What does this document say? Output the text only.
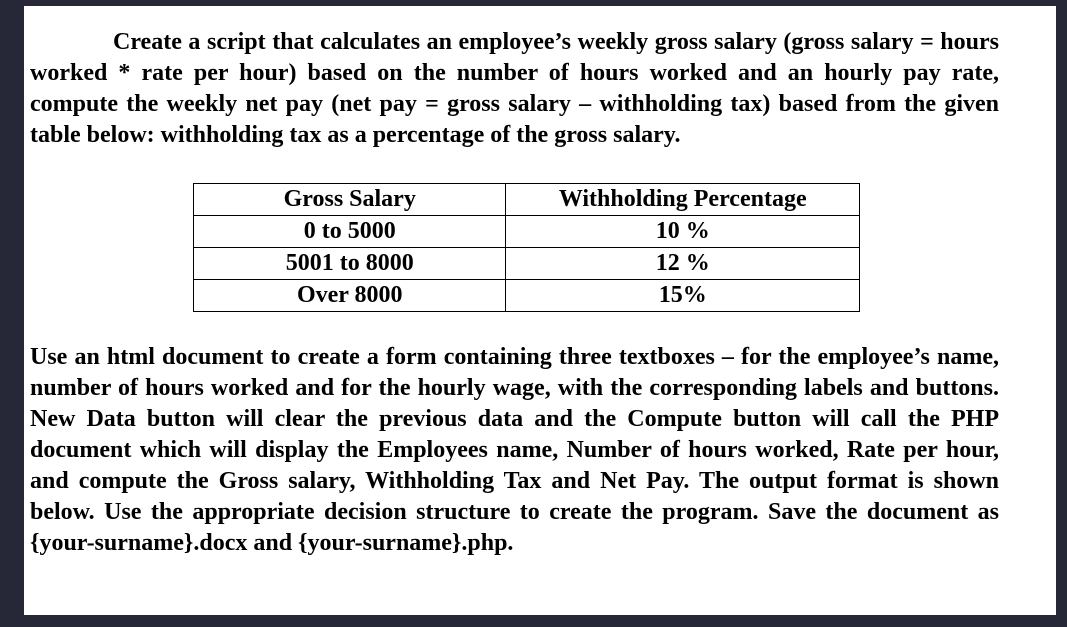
Create a script that calculates an employee’s weekly gross salary (gross salary = hours worked * rate per hour) based on the number of hours worked and an hourly pay rate, compute the weekly net pay (net pay = gross salary – withholding tax) based from the given table below: withholding tax as a percentage of the gross salary.

Gross Salary	Withholding Percentage
0 to 5000	10 %
5001 to 8000	12 %
Over 8000	15%

Use an html document to create a form containing three textboxes – for the employee’s name, number of hours worked and for the hourly wage, with the corresponding labels and buttons. New Data button will clear the previous data and the Compute button will call the PHP document which will display the Employees name, Number of hours worked, Rate per hour, and compute the Gross salary, Withholding Tax and Net Pay. The output format is shown below. Use the appropriate decision structure to create the program. Save the document as {your-surname}.docx and {your-surname}.php.
